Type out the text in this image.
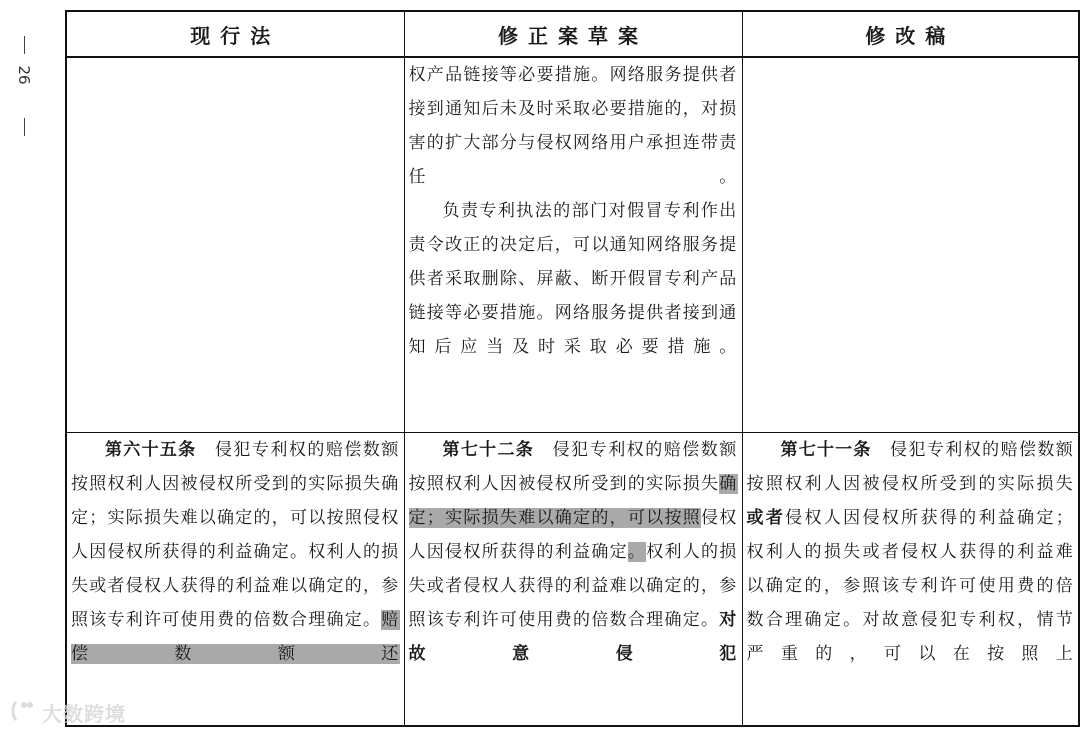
26
现行法	修正案草案	修改稿

	权产品链接等必要措施。网络服务提供者接到通知后未及时采取必要措施的，对损害的扩大部分与侵权网络用户承担连带责任。

负责专利执法的部门对假冒专利作出责令改正的决定后，可以通知网络服务提供者采取删除、屏蔽、断开假冒专利产品链接等必要措施。网络服务提供者接到通知后应当及时采取必要措施。	

第六十五条　 侵犯专利权的赔偿数额按照权利人因被侵权所受到的实际损失确定；实际损失难以确定的，可以按照侵权人因侵权所获得的利益确定。权利人的损失或者侵权人获得的利益难以确定的，参照该专利许可使用费的倍数合理确定。赔偿数额还	第七十二条　 侵犯专利权的赔偿数额按照权利人因被侵权所受到的实际损失确定；实际损失难以确定的，可以按照侵权人因侵权所获得的利益确定。权利人的损失或者侵权人获得的利益难以确定的，参照该专利许可使用费的倍数合理确定。对故意侵犯	第七十一条　 侵犯专利权的赔偿数额按照权利人因被侵权所受到的实际损失或者侵权人因侵权所获得的利益确定；权利人的损失或者侵权人获得的利益难以确定的，参照该专利许可使用费的倍数合理确定。对故意侵犯专利权，情节严重的，可以在按照上

大数跨境
